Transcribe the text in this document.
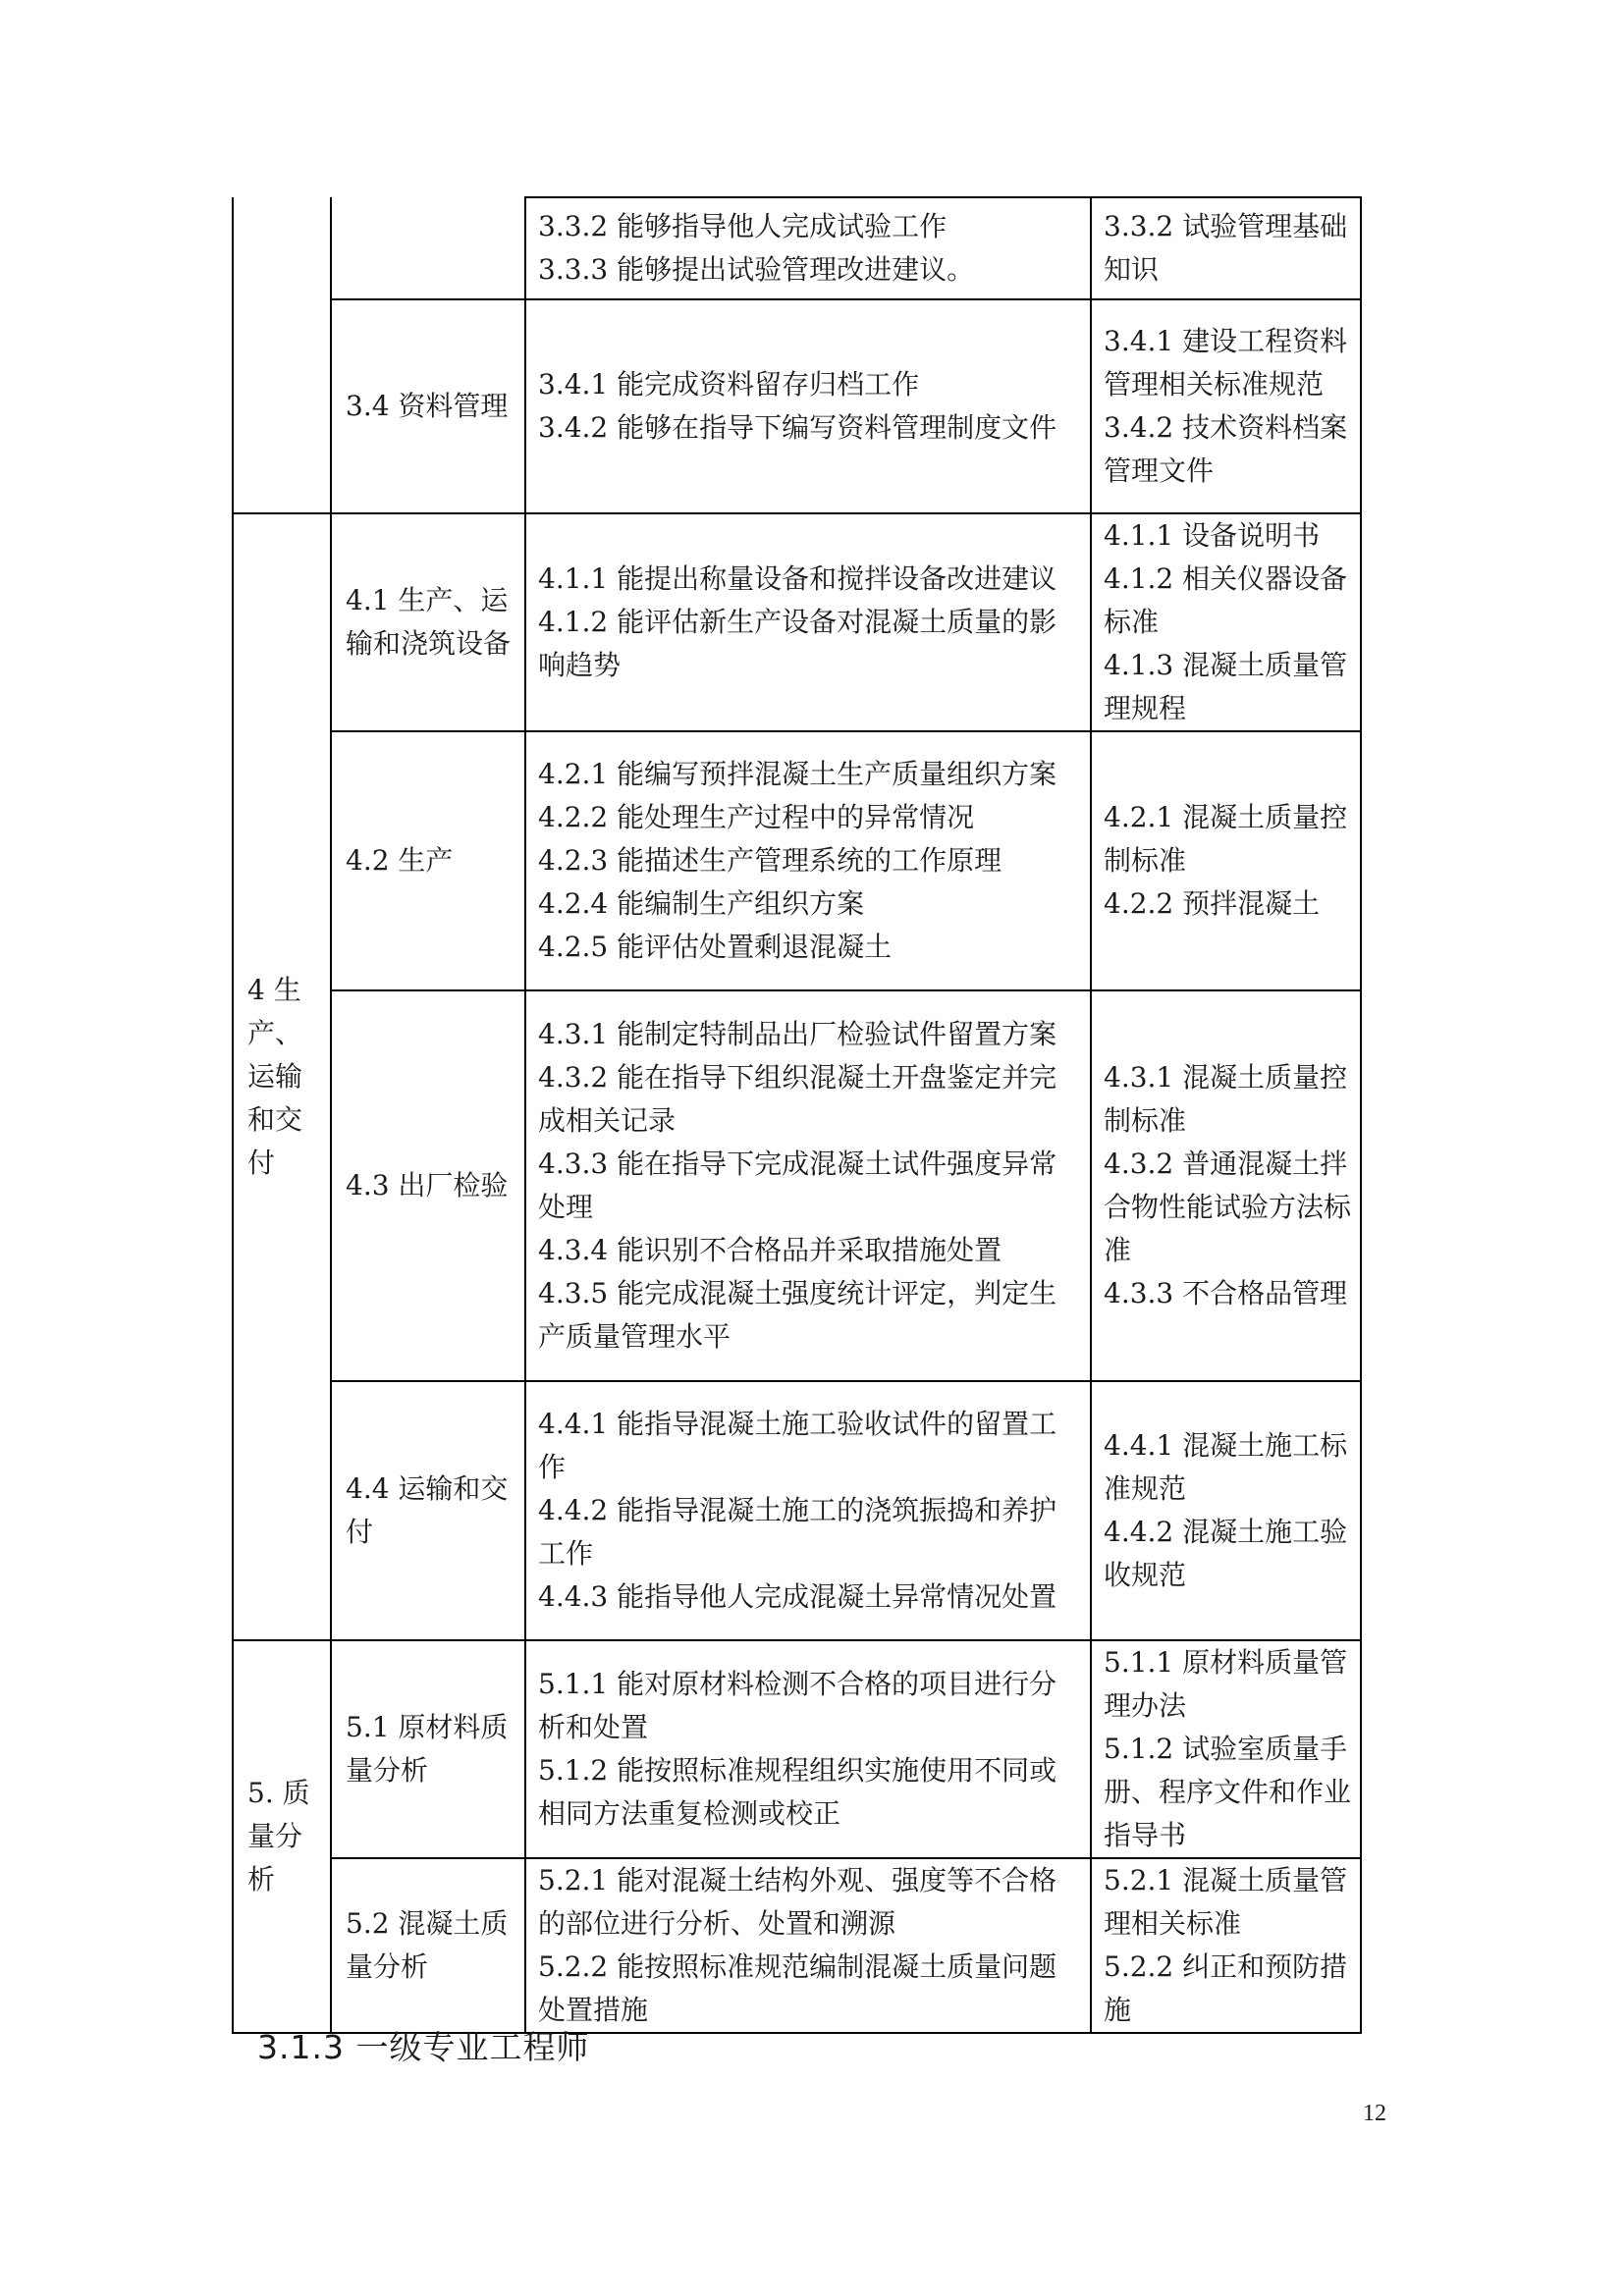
		3.3.2 能够指导他人完成试验工作
3.3.3 能够提出试验管理改进建议。	3.3.2 试验管理基础知识

	3.4 资料管理	3.4.1 能完成资料留存归档工作
3.4.2 能够在指导下编写资料管理制度文件	3.4.1 建设工程资料管理相关标准规范
3.4.2 技术资料档案管理文件

4 生产、运输和交付	4.1 生产、运输和浇筑设备	4.1.1 能提出称量设备和搅拌设备改进建议
4.1.2 能评估新生产设备对混凝土质量的影响趋势	4.1.1 设备说明书
4.1.2 相关仪器设备标准
4.1.3 混凝土质量管理规程

	4.2 生产	4.2.1 能编写预拌混凝土生产质量组织方案
4.2.2 能处理生产过程中的异常情况
4.2.3 能描述生产管理系统的工作原理
4.2.4 能编制生产组织方案
4.2.5 能评估处置剩退混凝土	4.2.1 混凝土质量控制标准
4.2.2 预拌混凝土

	4.3 出厂检验	4.3.1 能制定特制品出厂检验试件留置方案
4.3.2 能在指导下组织混凝土开盘鉴定并完成相关记录
4.3.3 能在指导下完成混凝土试件强度异常处理
4.3.4 能识别不合格品并采取措施处置
4.3.5 能完成混凝土强度统计评定，判定生产质量管理水平	4.3.1 混凝土质量控制标准
4.3.2 普通混凝土拌合物性能试验方法标准
4.3.3 不合格品管理

	4.4 运输和交付	4.4.1 能指导混凝土施工验收试件的留置工作
4.4.2 能指导混凝土施工的浇筑振捣和养护工作
4.4.3 能指导他人完成混凝土异常情况处置	4.4.1 混凝土施工标准规范
4.4.2 混凝土施工验收规范

5. 质量分析	5.1 原材料质量分析	5.1.1 能对原材料检测不合格的项目进行分析和处置
5.1.2 能按照标准规程组织实施使用不同或相同方法重复检测或校正	5.1.1 原材料质量管理办法
5.1.2 试验室质量手册、程序文件和作业指导书

	5.2 混凝土质量分析	5.2.1 能对混凝土结构外观、强度等不合格的部位进行分析、处置和溯源
5.2.2 能按照标准规范编制混凝土质量问题处置措施	5.2.1 混凝土质量管理相关标准
5.2.2 纠正和预防措施
3.1.3 一级专业工程师
12
